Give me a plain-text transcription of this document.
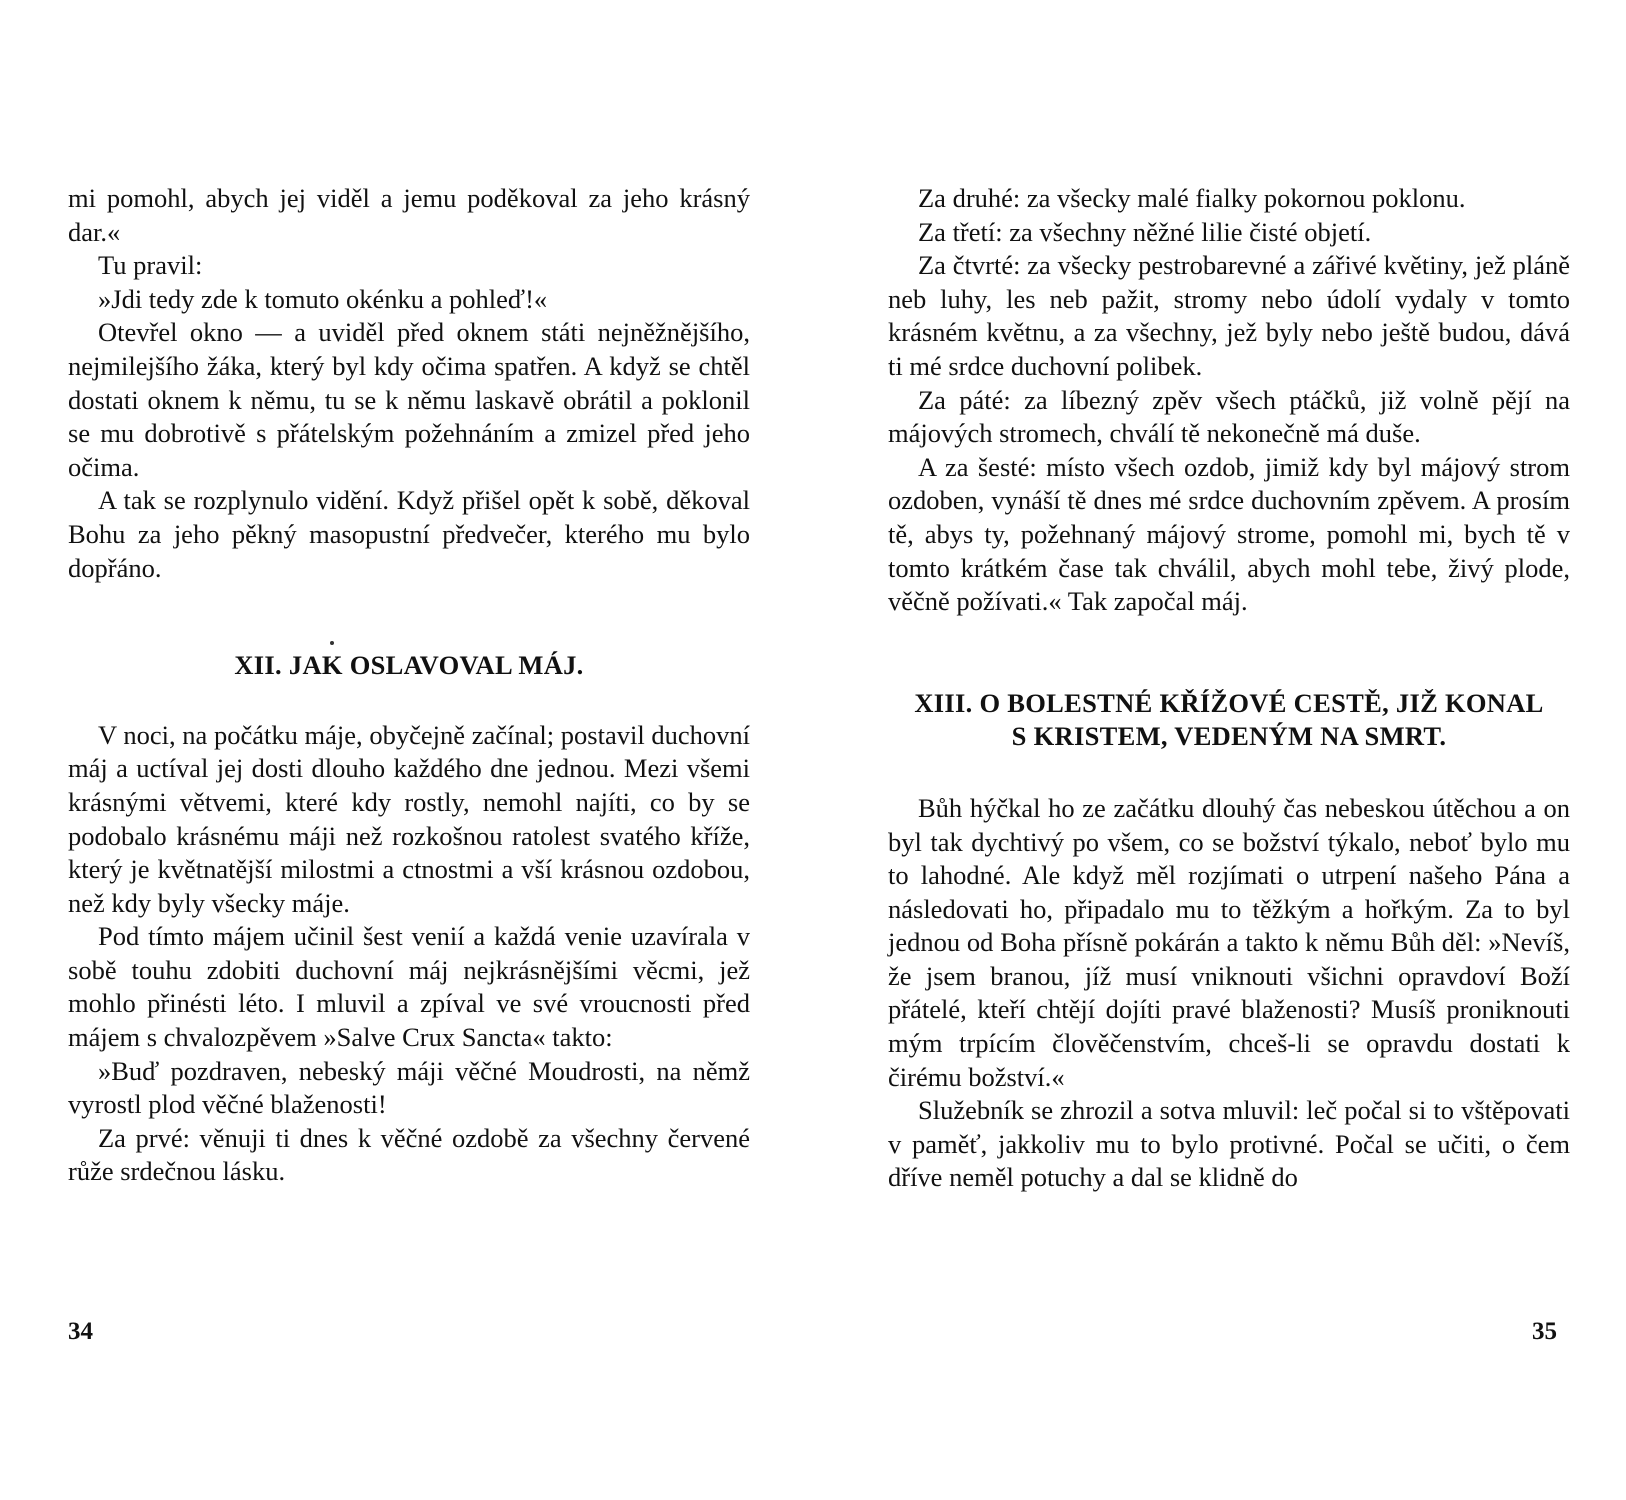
mi pomohl, abych jej viděl a jemu poděkoval za jeho krásný dar.«

Tu pravil:

»Jdi tedy zde k tomuto okénku a pohleď!«

Otevřel okno — a uviděl před oknem státi nejněžnějšího, nejmilejšího žáka, který byl kdy očima spatřen. A když se chtěl dostati oknem k němu, tu se k němu laskavě obrátil a poklonil se mu dobrotivě s přátelským požehnáním a zmizel před jeho očima.

A tak se rozplynulo vidění. Když přišel opět k sobě, děkoval Bohu za jeho pěkný masopustní předvečer, kterého mu bylo dopřáno.

XII. JAK OSLAVOVAL MÁJ.

V noci, na počátku máje, obyčejně začínal; postavil duchovní máj a uctíval jej dosti dlouho každého dne jednou. Mezi všemi krásnými větvemi, které kdy rostly, nemohl najíti, co by se podobalo krásnému máji než rozkošnou ratolest svatého kříže, který je květnatější milostmi a ctnostmi a vší krásnou ozdobou, než kdy byly všecky máje.

Pod tímto májem učinil šest venií a každá venie uzavírala v sobě touhu zdobiti duchovní máj nejkrásnějšími věcmi, jež mohlo přinésti léto. I mluvil a zpíval ve své vroucnosti před májem s chvalozpěvem »Salve Crux Sancta« takto:

»Buď pozdraven, nebeský máji věčné Moudrosti, na němž vyrostl plod věčné blaženosti!

Za prvé: věnuji ti dnes k věčné ozdobě za všechny červené růže srdečnou lásku.

34

Za druhé: za všecky malé fialky pokornou poklonu.

Za třetí: za všechny něžné lilie čisté objetí.

Za čtvrté: za všecky pestrobarevné a zářivé květiny, jež pláně neb luhy, les neb pažit, stromy nebo údolí vydaly v tomto krásném květnu, a za všechny, jež byly nebo ještě budou, dává ti mé srdce duchovní polibek.

Za páté: za líbezný zpěv všech ptáčků, již volně pějí na májových stromech, chválí tě nekonečně má duše.

A za šesté: místo všech ozdob, jimiž kdy byl májový strom ozdoben, vynáší tě dnes mé srdce duchovním zpěvem. A prosím tě, abys ty, požehnaný májový strome, pomohl mi, bych tě v tomto krátkém čase tak chválil, abych mohl tebe, živý plode, věčně požívati.« Tak započal máj.

XIII. O BOLESTNÉ KŘÍŽOVÉ CESTĚ, JIŽ KONAL
S KRISTEM, VEDENÝM NA SMRT.

Bůh hýčkal ho ze začátku dlouhý čas nebeskou útěchou a on byl tak dychtivý po všem, co se božství týkalo, neboť bylo mu to lahodné. Ale když měl rozjímati o utrpení našeho Pána a následovati ho, připadalo mu to těžkým a hořkým. Za to byl jednou od Boha přísně pokárán a takto k němu Bůh děl: »Nevíš, že jsem branou, jíž musí vniknouti všichni opravdoví Boží přátelé, kteří chtějí dojíti pravé blaženosti? Musíš proniknouti mým trpícím člověčenstvím, chceš-li se opravdu dostati k čirému božství.«

Služebník se zhrozil a sotva mluvil: leč počal si to vštěpovati v paměť, jakkoliv mu to bylo protivné. Počal se učiti, o čem dříve neměl potuchy a dal se klidně do

35
